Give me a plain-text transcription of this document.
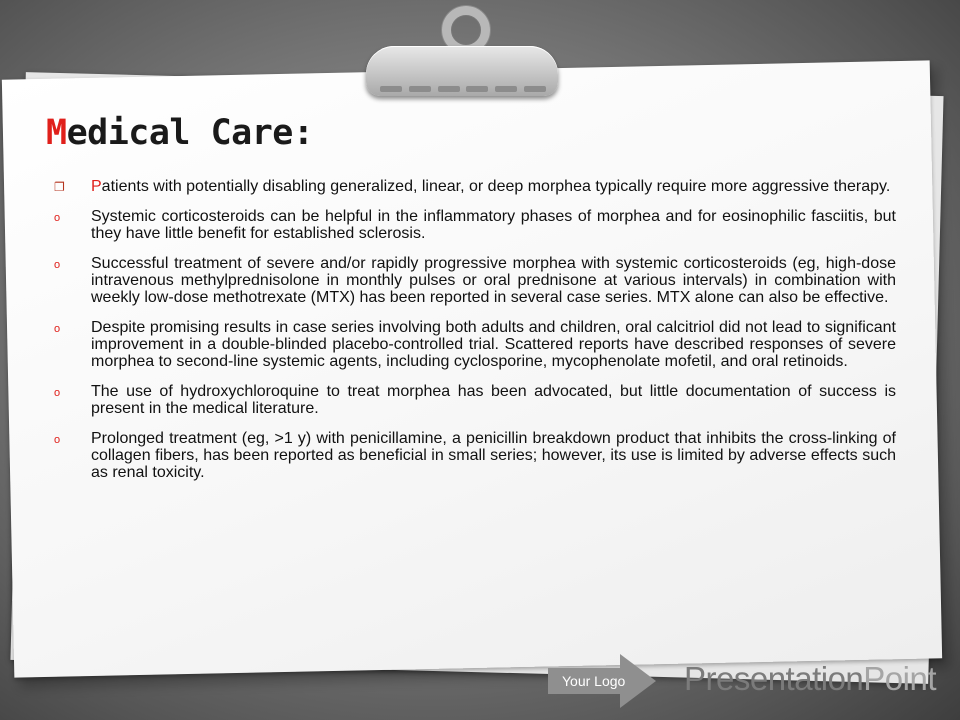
Medical Care:
❐	Patients with potentially disabling generalized, linear, or deep morphea typically require more aggressive therapy.
o	Systemic corticosteroids can be helpful in the inflammatory phases of morphea and for eosinophilic fasciitis, but they have little benefit for established sclerosis.
o	Successful treatment of severe and/or rapidly progressive morphea with systemic corticosteroids (eg, high-dose intravenous methylprednisolone in monthly pulses or oral prednisone at various intervals) in combination with weekly low-dose methotrexate (MTX) has been reported in several case series. MTX alone can also be effective.
o	Despite promising results in case series involving both adults and children, oral calcitriol did not lead to significant improvement in a double-blinded placebo-controlled trial. Scattered reports have described responses of severe morphea to second-line systemic agents, including cyclosporine, mycophenolate mofetil, and oral retinoids.
o	The use of hydroxychloroquine to treat morphea has been advocated, but little documentation of success is present in the medical literature.
o	Prolonged treatment (eg, >1 y) with penicillamine, a penicillin breakdown product that inhibits the cross-linking of collagen fibers, has been reported as beneficial in small series; however, its use is limited by adverse effects such as renal toxicity.
Your Logo PresentationPoint
